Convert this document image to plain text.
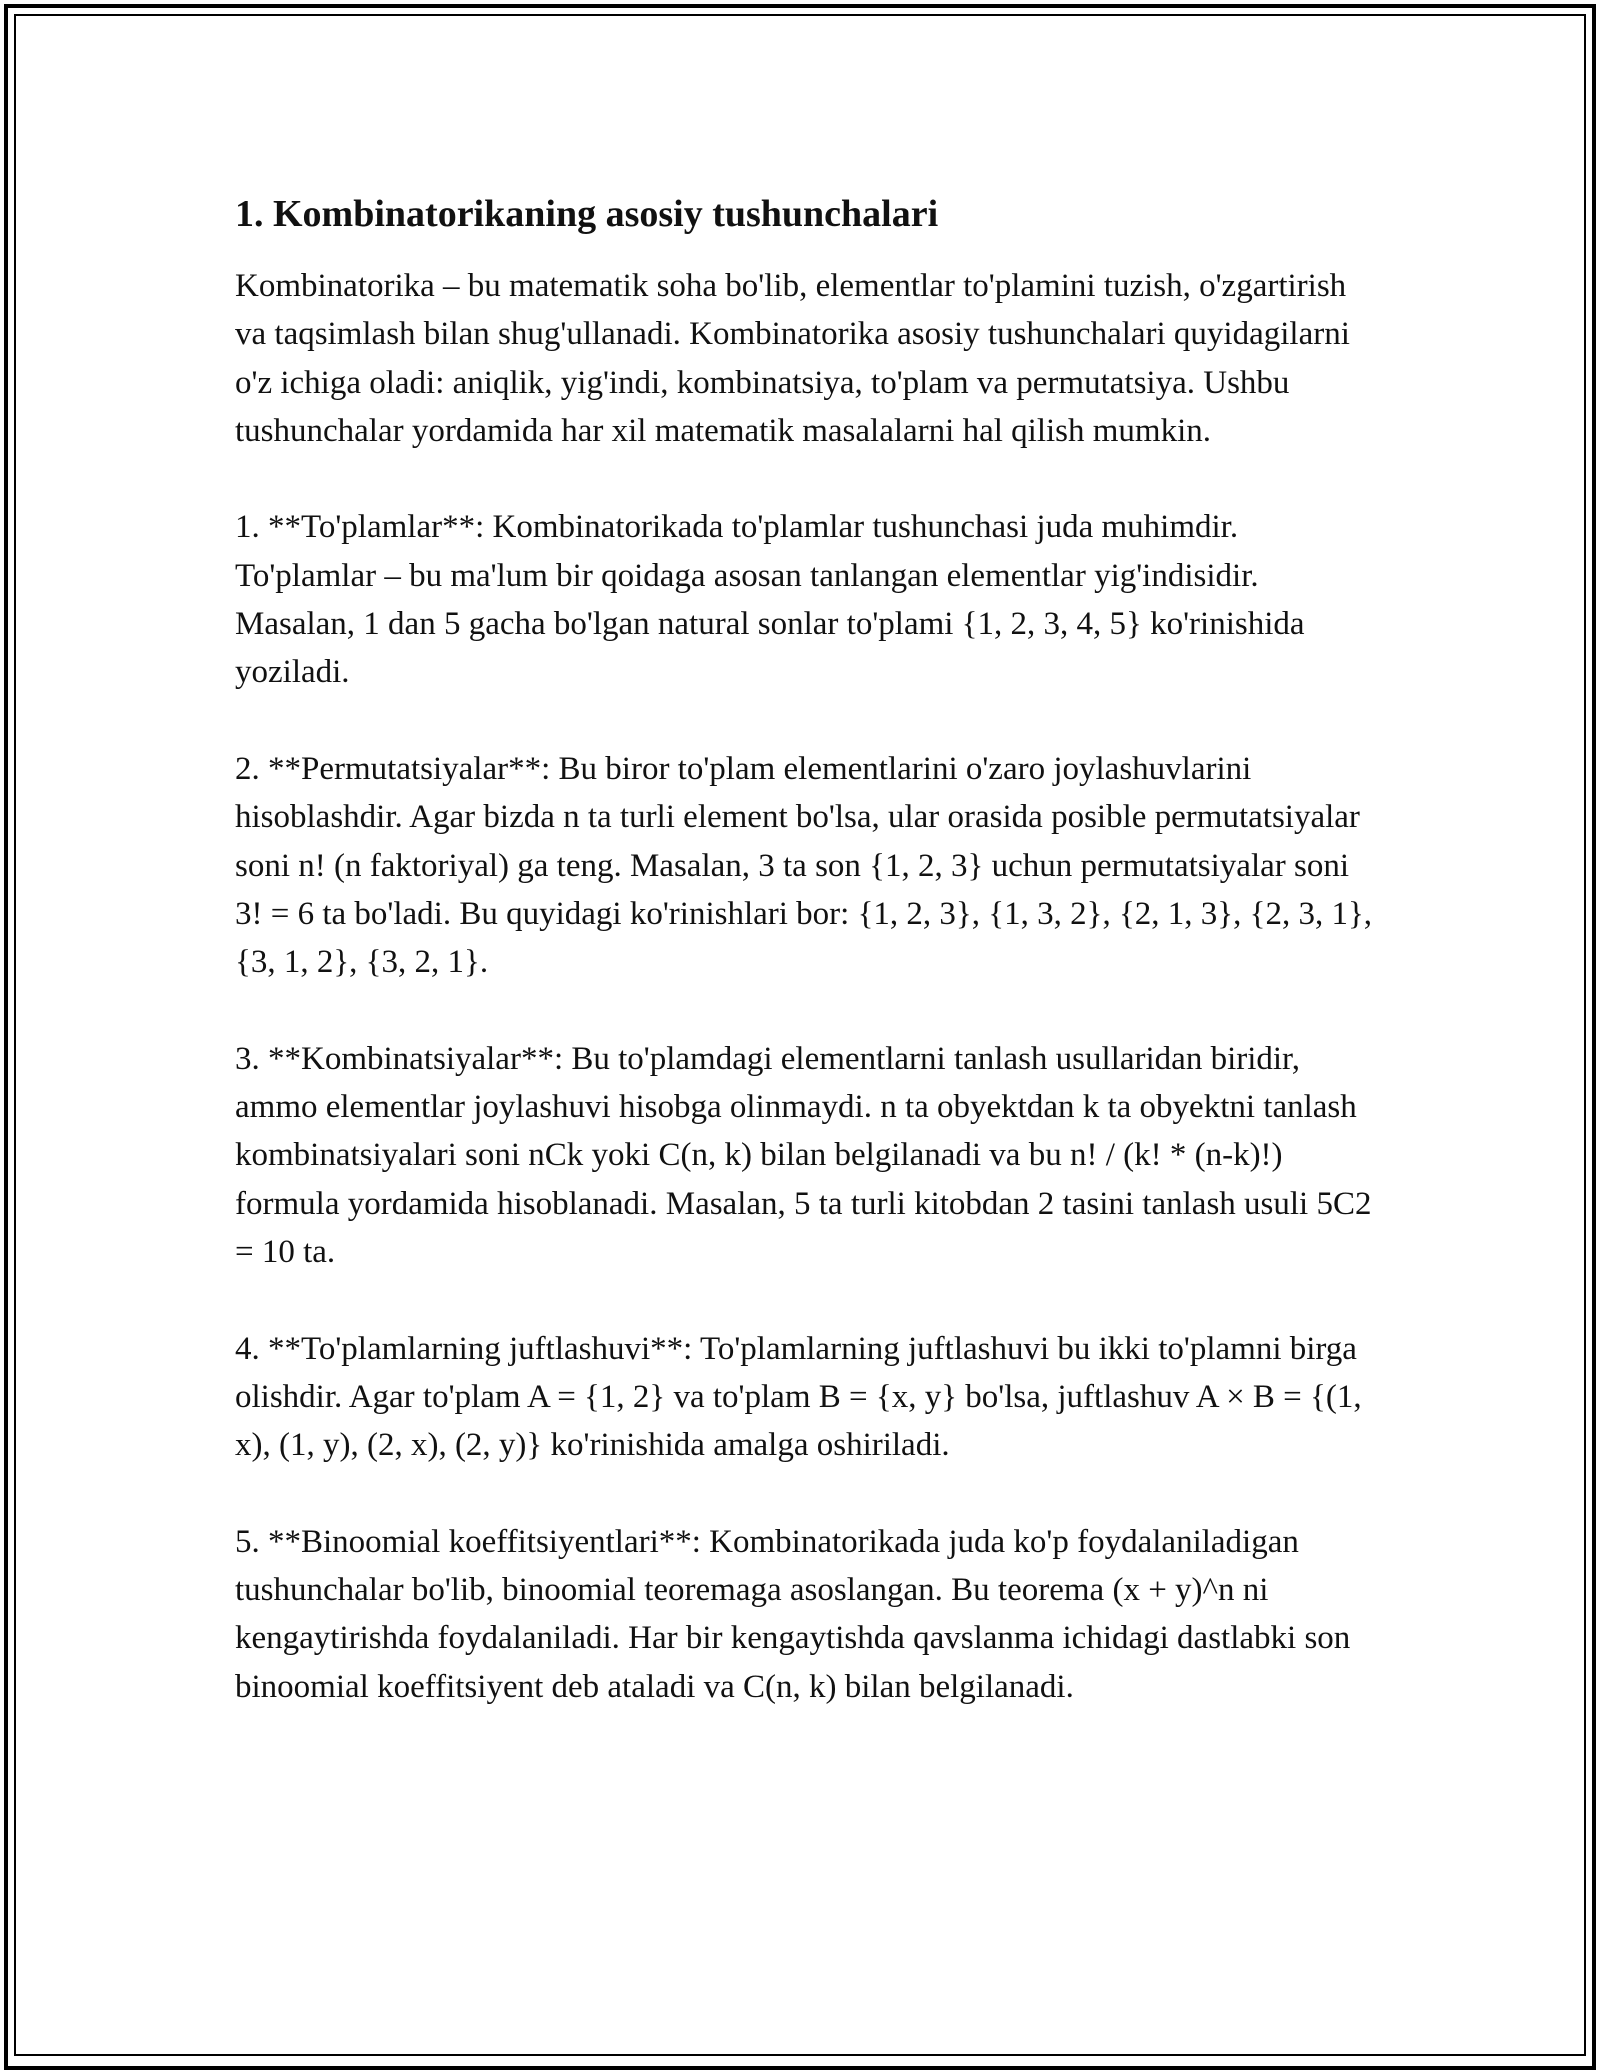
1. Kombinatorikaning asosiy tushunchalari

Kombinatorika – bu matematik soha bo'lib, elementlar to'plamini tuzish, o'zgartirish va taqsimlash bilan shug'ullanadi. Kombinatorika asosiy tushunchalari quyidagilarni o'z ichiga oladi: aniqlik, yig'indi, kombinatsiya, to'plam va permutatsiya. Ushbu tushunchalar yordamida har xil matematik masalalarni hal qilish mumkin.

1. **To'plamlar**: Kombinatorikada to'plamlar tushunchasi juda muhimdir. To'plamlar – bu ma'lum bir qoidaga asosan tanlangan elementlar yig'indisidir. Masalan, 1 dan 5 gacha bo'lgan natural sonlar to'plami {1, 2, 3, 4, 5} ko'rinishida yoziladi.

2. **Permutatsiyalar**: Bu biror to'plam elementlarini o'zaro joylashuvlarini hisoblashdir. Agar bizda n ta turli element bo'lsa, ular orasida posible permutatsiyalar soni n! (n faktoriyal) ga teng. Masalan, 3 ta son {1, 2, 3} uchun permutatsiyalar soni 3! = 6 ta bo'ladi. Bu quyidagi ko'rinishlari bor: {1, 2, 3}, {1, 3, 2}, {2, 1, 3}, {2, 3, 1}, {3, 1, 2}, {3, 2, 1}.

3. **Kombinatsiyalar**: Bu to'plamdagi elementlarni tanlash usullaridan biridir, ammo elementlar joylashuvi hisobga olinmaydi. n ta obyektdan k ta obyektni tanlash kombinatsiyalari soni nCk yoki C(n, k) bilan belgilanadi va bu n! / (k! * (n-k)!) formula yordamida hisoblanadi. Masalan, 5 ta turli kitobdan 2 tasini tanlash usuli 5C2 = 10 ta.

4. **To'plamlarning juftlashuvi**: To'plamlarning juftlashuvi bu ikki to'plamni birga olishdir. Agar to'plam A = {1, 2} va to'plam B = {x, y} bo'lsa, juftlashuv A × B = {(1, x), (1, y), (2, x), (2, y)} ko'rinishida amalga oshiriladi.

5. **Binoomial koeffitsiyentlari**: Kombinatorikada juda ko'p foydalaniladigan tushunchalar bo'lib, binoomial teoremaga asoslangan. Bu teorema (x + y)^n ni kengaytirishda foydalaniladi. Har bir kengaytishda qavslanma ichidagi dastlabki son binoomial koeffitsiyent deb ataladi va C(n, k) bilan belgilanadi.
